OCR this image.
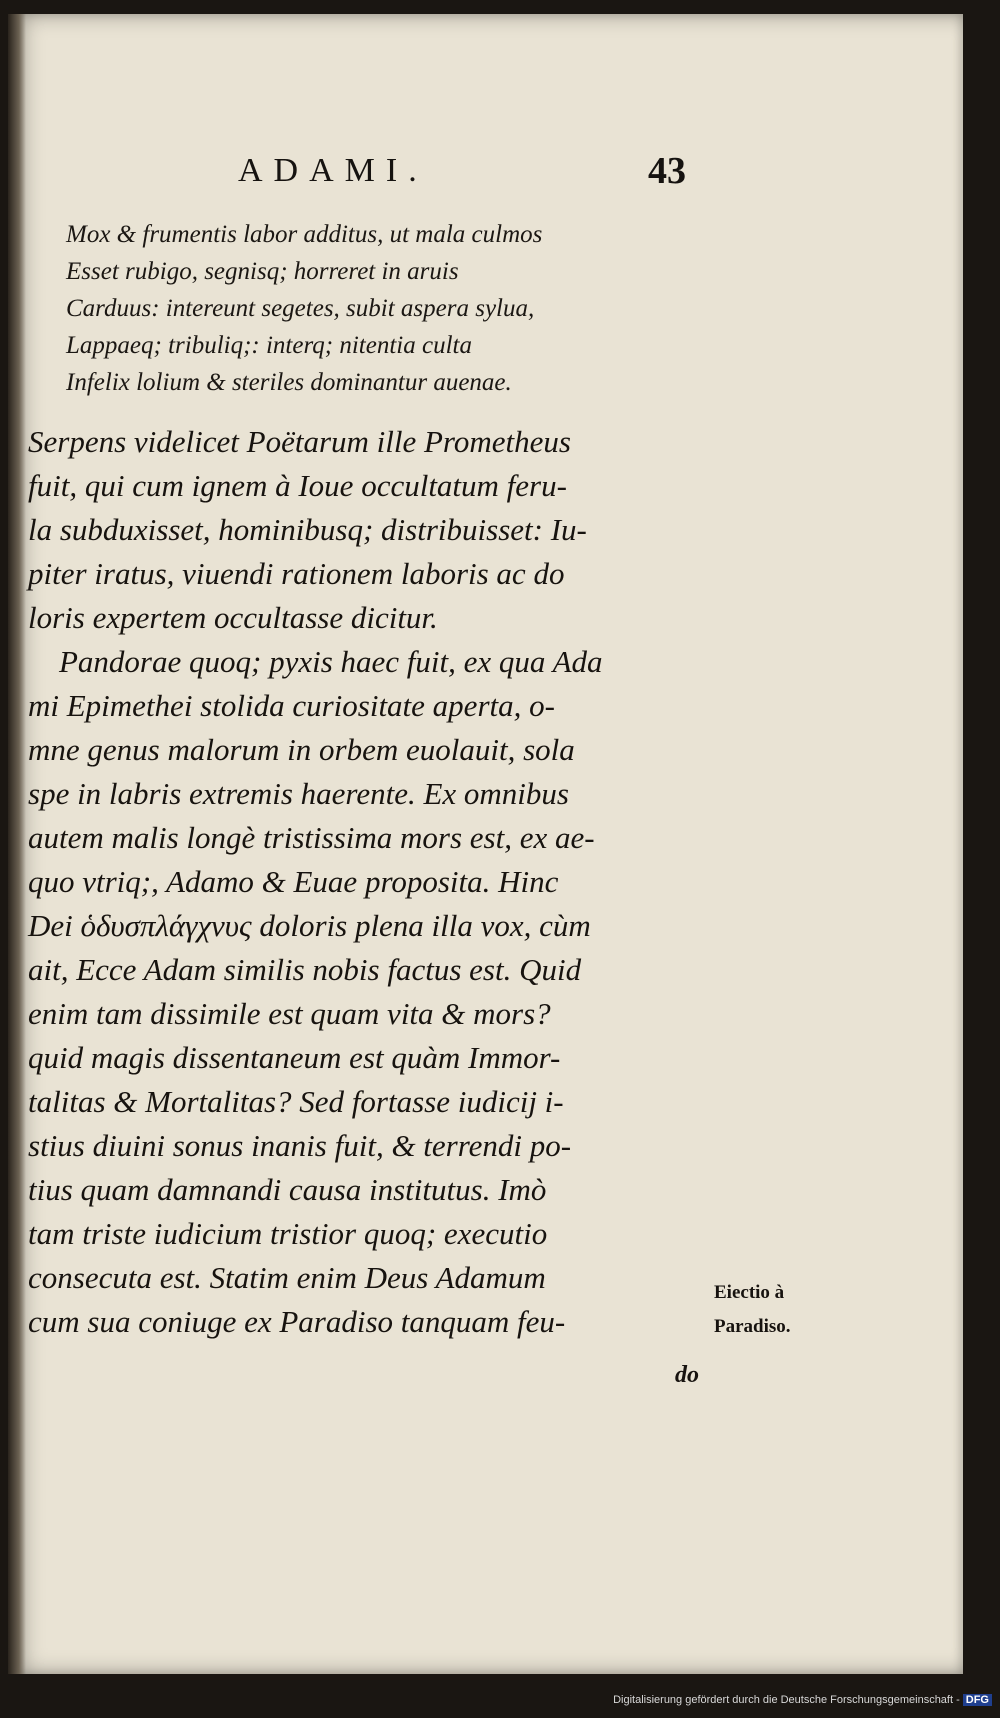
ADAMI.	43
Mox & frumentis labor additus, ut mala culmos
Esset rubigo, segnisq; horreret in aruis
Carduus: intereunt segetes, subit aspera sylua,
Lappaeq; tribuliq;: interq; nitentia culta
Infelix lolium & steriles dominantur auenae.
Serpens videlicet Poëtarum ille Prometheus
fuit, qui cum ignem à Ioue occultatum feru-
la subduxisset, hominibusq; distribuisset: Iu-
piter iratus, viuendi rationem laboris ac do
loris expertem occultasse dicitur.
Pandorae quoq; pyxis haec fuit, ex qua Ada
mi Epimethei stolida curiositate aperta, o-
mne genus malorum in orbem euolauit, sola
spe in labris extremis haerente. Ex omnibus
autem malis longè tristissima mors est, ex ae-
quo vtriq;, Adamo & Euae proposita. Hinc
Dei ὁδυσπλάγχνυς doloris plena illa vox, cùm
ait, Ecce Adam similis nobis factus est. Quid
enim tam dissimile est quam vita & mors?
quid magis dissentaneum est quàm Immor-
talitas & Mortalitas? Sed fortasse iudicij i-
stius diuini sonus inanis fuit, & terrendi po-
tius quam damnandi causa institutus. Imò
tam triste iudicium tristior quoq; executio
consecuta est. Statim enim Deus Adamum
cum sua coniuge ex Paradiso tanquam feu-
Eiectio à
Paradiso.
do
Digitalisierung gefördert durch die Deutsche Forschungsgemeinschaft - DFG
